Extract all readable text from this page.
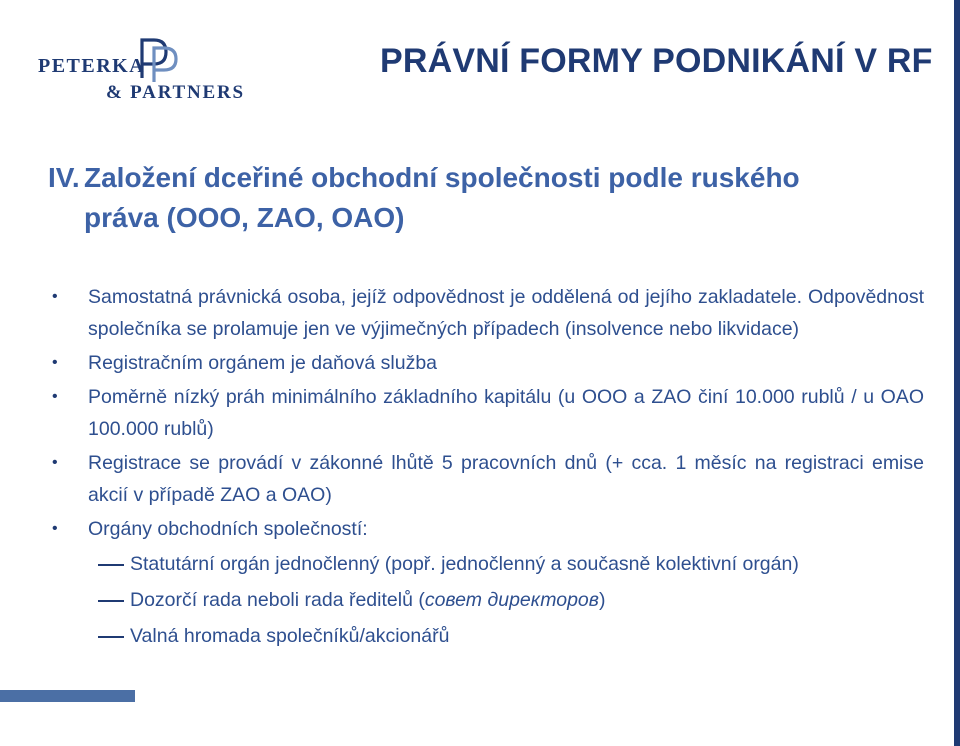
PETERKA
& PARTNERS
PRÁVNÍ FORMY PODNIKÁNÍ V RF
IV. Založení dceřiné obchodní společnosti podle ruského
práva (OOO, ZAO, OAO)
•
Samostatná právnická osoba, jejíž odpovědnost je oddělená od jejího zakladatele. Odpovědnost společníka se prolamuje jen ve výjimečných případech (insolvence nebo likvidace)
•
Registračním orgánem je daňová služba
•
Poměrně nízký práh minimálního základního kapitálu (u OOO a ZAO činí 10.000 rublů / u OAO 100.000 rublů)
•
Registrace se provádí v zákonné lhůtě 5 pracovních dnů (+ cca. 1 měsíc na registraci emise akcií v případě ZAO a OAO)
•
Orgány obchodních společností:
Statutární orgán jednočlenný (popř. jednočlenný a současně kolektivní orgán)
Dozorčí rada neboli rada ředitelů (совет директоров)
Valná hromada společníků/akcionářů
